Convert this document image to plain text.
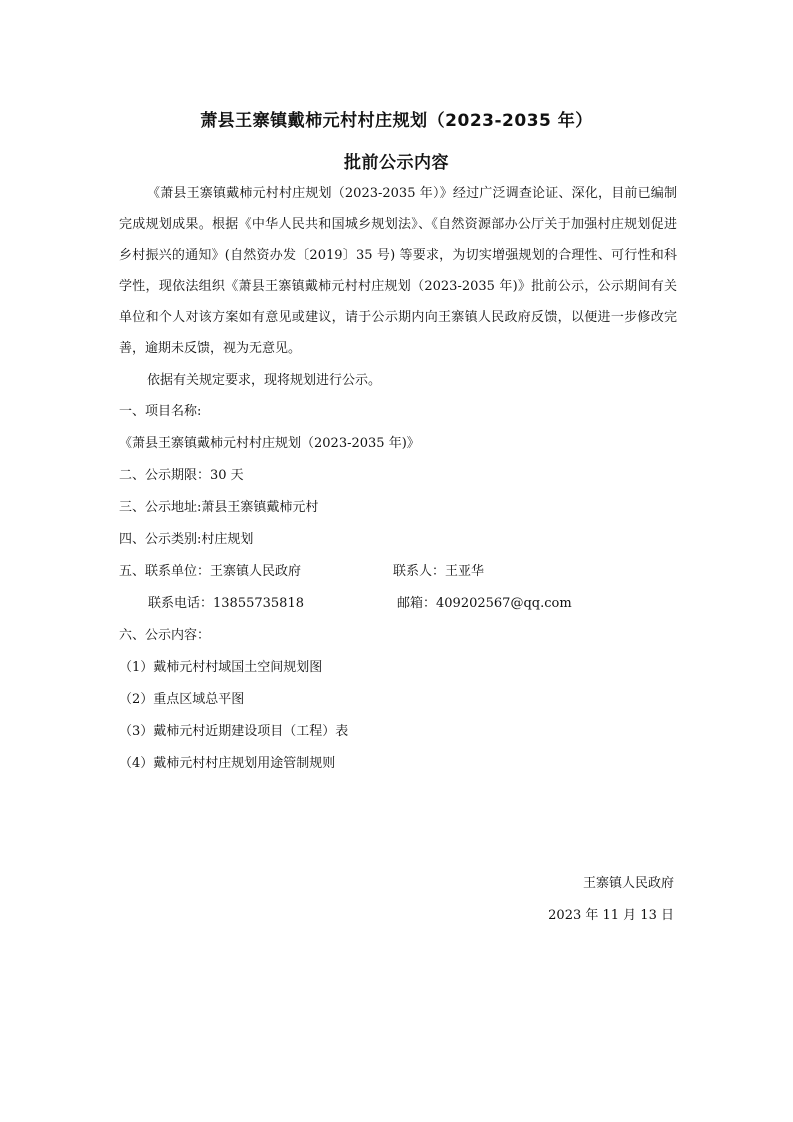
萧县王寨镇戴柿元村村庄规划（2023-2035 年）
批前公示内容

《萧县王寨镇戴柿元村村庄规划（2023-2035 年）》经过广泛调查论证、深化，目前已编制完成规划成果。根据《中华人民共和国城乡规划法》、《自然资源部办公厅关于加强村庄规划促进乡村振兴的通知》(自然资办发〔2019〕35 号) 等要求，为切实增强规划的合理性、可行性和科学性，现依法组织《萧县王寨镇戴柿元村村庄规划（2023-2035 年)》批前公示，公示期间有关单位和个人对该方案如有意见或建议，请于公示期内向王寨镇人民政府反馈，以便进一步修改完善，逾期未反馈，视为无意见。

依据有关规定要求，现将规划进行公示。

一、项目名称:
《萧县王寨镇戴柿元村村庄规划（2023-2035 年)》
二、公示期限：30 天
三、公示地址:萧县王寨镇戴柿元村
四、公示类别:村庄规划
五、联系单位：王寨镇人民政府	联系人：王亚华
联系电话：13855735818	邮箱：409202567@qq.com
六、公示内容：
（1）戴柿元村村域国土空间规划图
（2）重点区域总平图
（3）戴柿元村近期建设项目（工程）表
（4）戴柿元村村庄规划用途管制规则
王寨镇人民政府
2023 年 11 月 13 日
